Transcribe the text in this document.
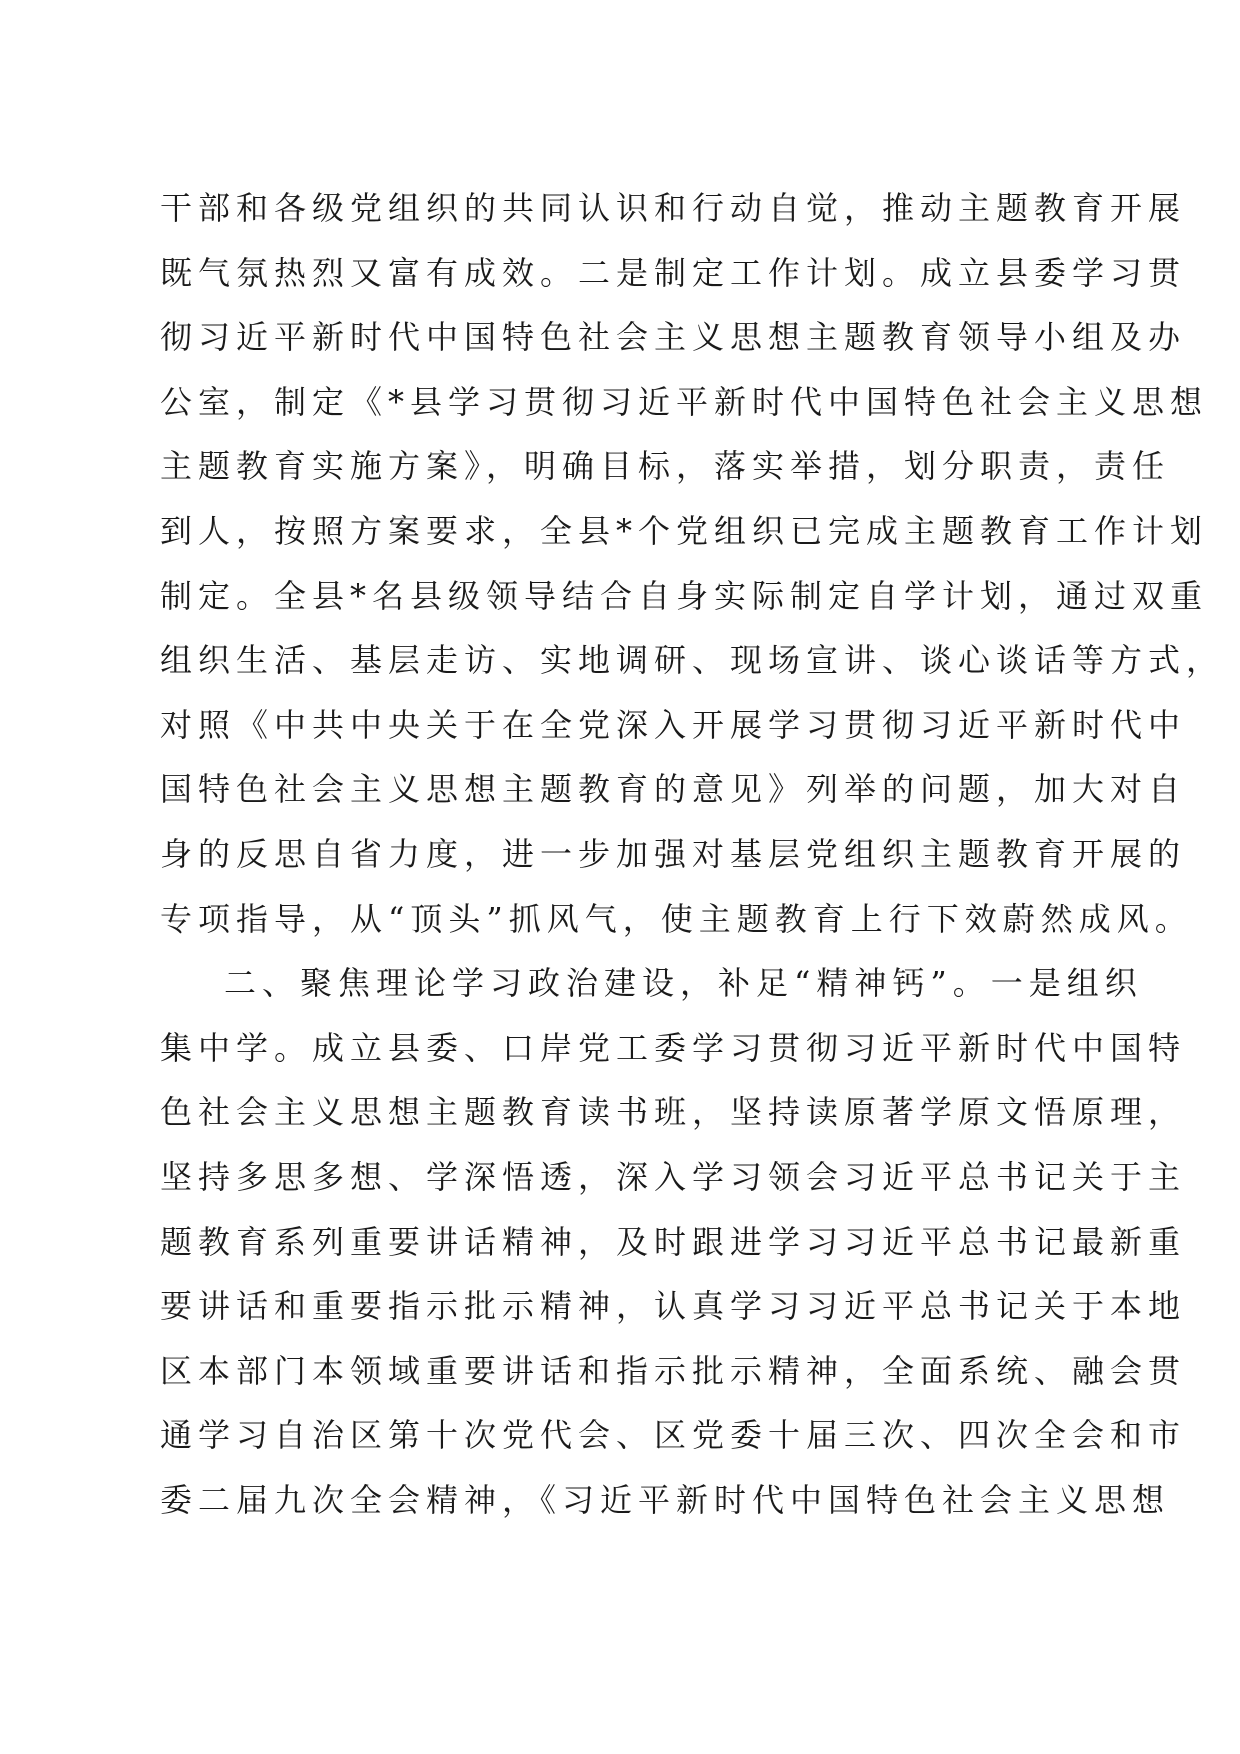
干部和各级党组织的共同认识和行动自觉，推动主题教育开展
既气氛热烈又富有成效。二是制定工作计划。成立县委学习贯
彻习近平新时代中国特色社会主义思想主题教育领导小组及办
公室，制定《*县学习贯彻习近平新时代中国特色社会主义思想
主题教育实施方案》，明确目标，落实举措，划分职责，责任
到人，按照方案要求，全县*个党组织已完成主题教育工作计划
制定。全县*名县级领导结合自身实际制定自学计划，通过双重
组织生活、基层走访、实地调研、现场宣讲、谈心谈话等方式，
对照《中共中央关于在全党深入开展学习贯彻习近平新时代中
国特色社会主义思想主题教育的意见》列举的问题，加大对自
身的反思自省力度，进一步加强对基层党组织主题教育开展的
专项指导，从“顶头”抓风气，使主题教育上行下效蔚然成风。
二、聚焦理论学习政治建设，补足“精神钙”。一是组织
集中学。成立县委、口岸党工委学习贯彻习近平新时代中国特
色社会主义思想主题教育读书班，坚持读原著学原文悟原理，
坚持多思多想、学深悟透，深入学习领会习近平总书记关于主
题教育系列重要讲话精神，及时跟进学习习近平总书记最新重
要讲话和重要指示批示精神，认真学习习近平总书记关于本地
区本部门本领域重要讲话和指示批示精神，全面系统、融会贯
通学习自治区第十次党代会、区党委十届三次、四次全会和市
委二届九次全会精神，《习近平新时代中国特色社会主义思想
